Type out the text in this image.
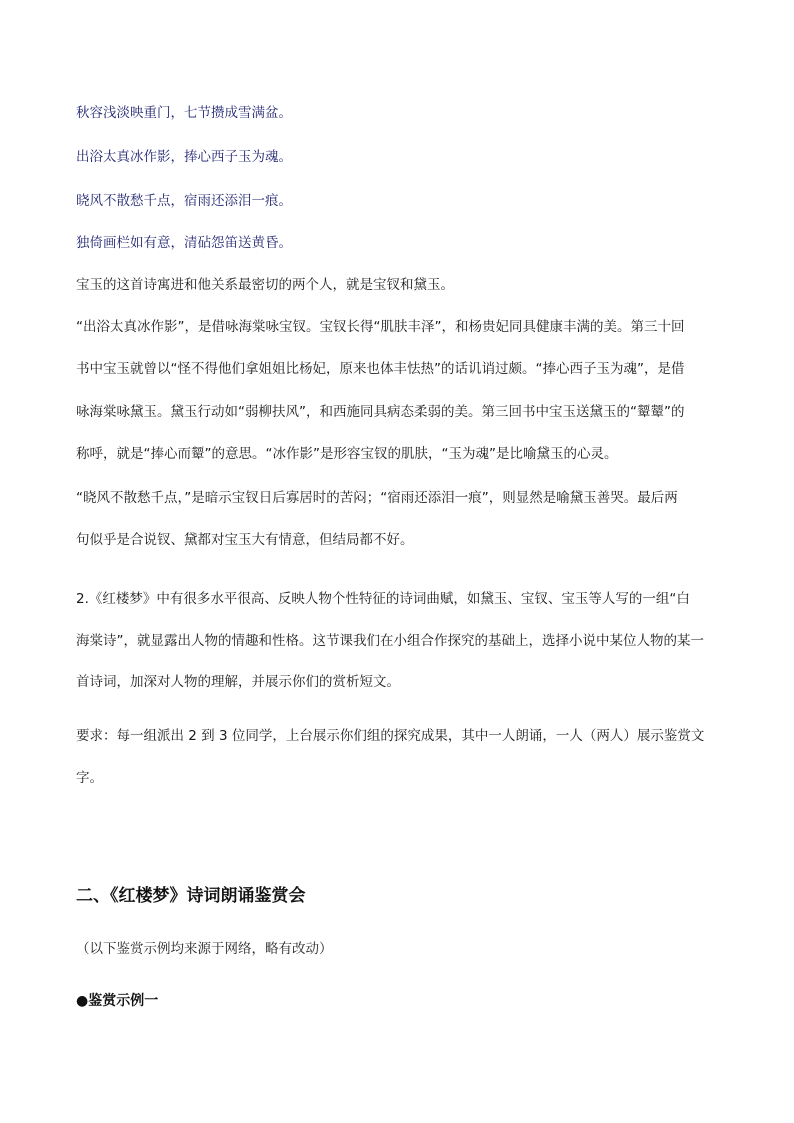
秋容浅淡映重门，七节攒成雪满盆。
出浴太真冰作影，捧心西子玉为魂。
晓风不散愁千点，宿雨还添泪一痕。
独倚画栏如有意，清砧怨笛送黄昏。
宝玉的这首诗寓进和他关系最密切的两个人，就是宝钗和黛玉。
“出浴太真冰作影”，是借咏海棠咏宝钗。宝钗长得“肌肤丰泽”，和杨贵妃同具健康丰满的美。第三十回
书中宝玉就曾以“怪不得他们拿姐姐比杨妃，原来也体丰怯热”的话讥诮过颇。“捧心西子玉为魂”，是借
咏海棠咏黛玉。黛玉行动如“弱柳扶风”，和西施同具病态柔弱的美。第三回书中宝玉送黛玉的“颦颦”的
称呼，就是“捧心而颦”的意思。“冰作影”是形容宝钗的肌肤，“玉为魂”是比喻黛玉的心灵。
“晓风不散愁千点，”是暗示宝钗日后寡居时的苦闷；“宿雨还添泪一痕”，则显然是喻黛玉善哭。最后两
句似乎是合说钗、黛都对宝玉大有情意，但结局都不好。
2.《红楼梦》中有很多水平很高、反映人物个性特征的诗词曲赋，如黛玉、宝钗、宝玉等人写的一组“白
海棠诗”，就显露出人物的情趣和性格。这节课我们在小组合作探究的基础上，选择小说中某位人物的某一
首诗词，加深对人物的理解，并展示你们的赏析短文。
要求：每一组派出 2 到 3 位同学，上台展示你们组的探究成果，其中一人朗诵，一人（两人）展示鉴赏文
字。
二、《红楼梦》诗词朗诵鉴赏会
（以下鉴赏示例均来源于网络，略有改动）
●鉴赏示例一
